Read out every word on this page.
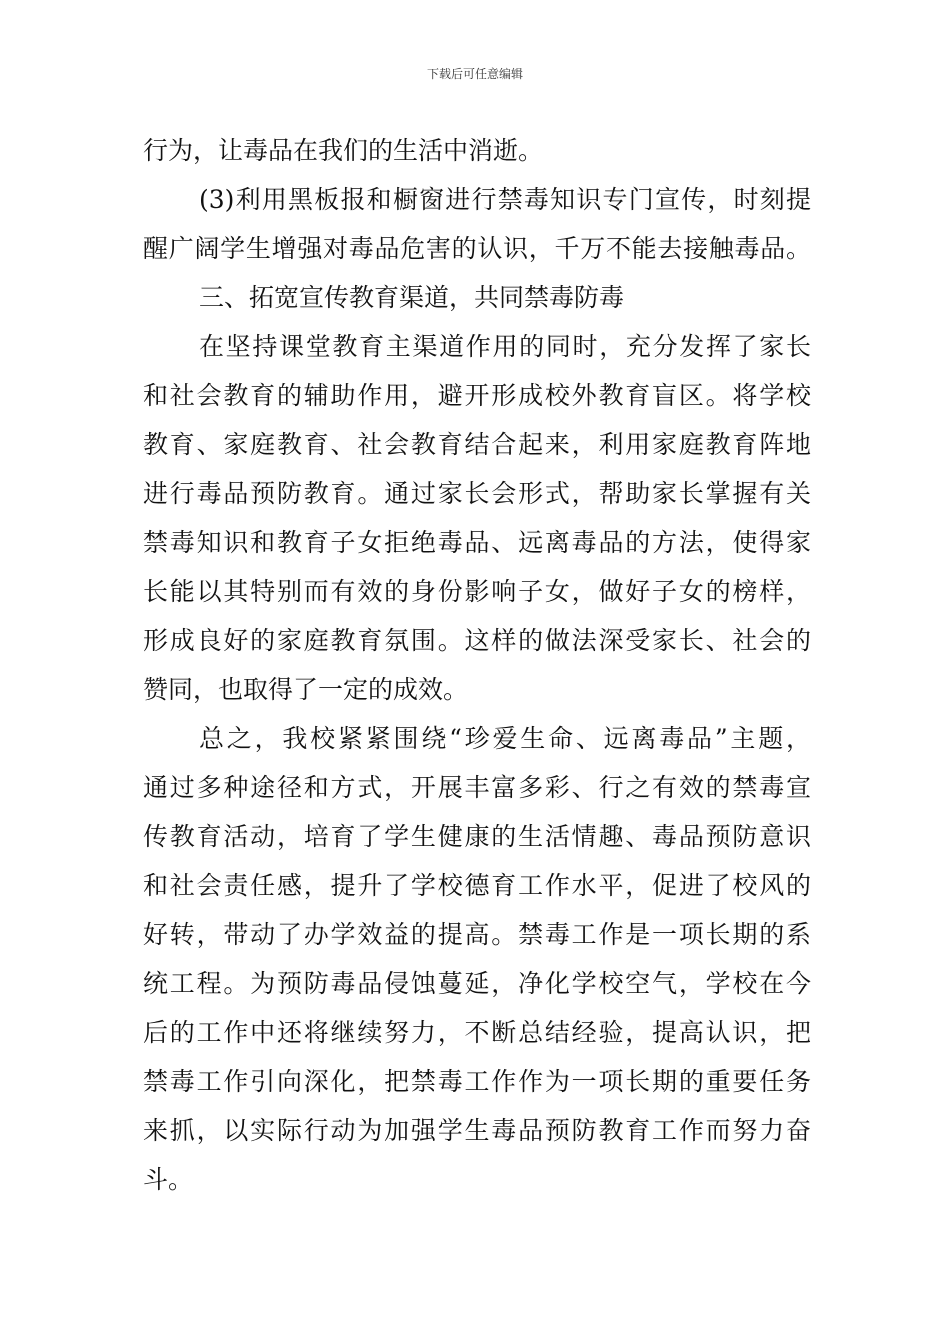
下载后可任意编辑
行为，让毒品在我们的生活中消逝。
(3)利用黑板报和橱窗进行禁毒知识专门宣传，时刻提
醒广阔学生增强对毒品危害的认识，千万不能去接触毒品。
三、拓宽宣传教育渠道，共同禁毒防毒
在坚持课堂教育主渠道作用的同时，充分发挥了家长
和社会教育的辅助作用，避开形成校外教育盲区。将学校
教育、家庭教育、社会教育结合起来，利用家庭教育阵地
进行毒品预防教育。通过家长会形式，帮助家长掌握有关
禁毒知识和教育子女拒绝毒品、远离毒品的方法，使得家
长能以其特别而有效的身份影响子女，做好子女的榜样，
形成良好的家庭教育氛围。这样的做法深受家长、社会的
赞同，也取得了一定的成效。
总之，我校紧紧围绕“珍爱生命、远离毒品”主题，
通过多种途径和方式，开展丰富多彩、行之有效的禁毒宣
传教育活动，培育了学生健康的生活情趣、毒品预防意识
和社会责任感，提升了学校德育工作水平，促进了校风的
好转，带动了办学效益的提高。禁毒工作是一项长期的系
统工程。为预防毒品侵蚀蔓延，净化学校空气，学校在今
后的工作中还将继续努力，不断总结经验，提高认识，把
禁毒工作引向深化，把禁毒工作作为一项长期的重要任务
来抓，以实际行动为加强学生毒品预防教育工作而努力奋
斗。
